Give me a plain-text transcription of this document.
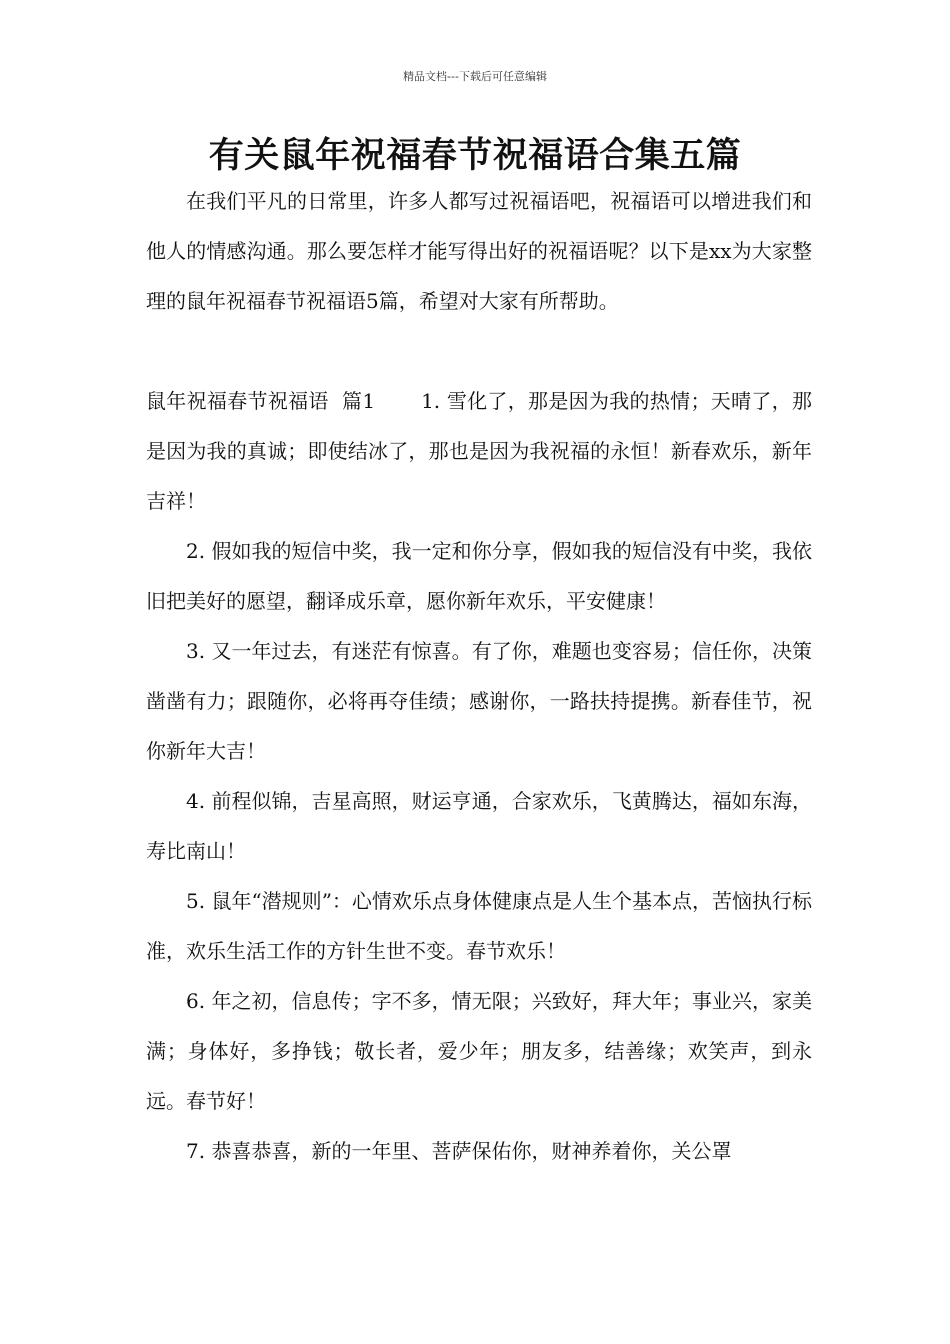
精品文档---下载后可任意编辑
有关鼠年祝福春节祝福语合集五篇

在我们平凡的日常里，许多人都写过祝福语吧，祝福语可以增进我们和他人的情感沟通。那么要怎样才能写得出好的祝福语呢？以下是xx为大家整理的鼠年祝福春节祝福语5篇，希望对大家有所帮助。

鼠年祝福春节祝福语  篇1 1. 雪化了，那是因为我的热情；天晴了，那是因为我的真诚；即使结冰了，那也是因为我祝福的永恒！新春欢乐，新年吉祥！

2. 假如我的短信中奖，我一定和你分享，假如我的短信没有中奖，我依旧把美好的愿望，翻译成乐章，愿你新年欢乐，平安健康！

3. 又一年过去，有迷茫有惊喜。有了你，难题也变容易；信任你，决策凿凿有力；跟随你，必将再夺佳绩；感谢你，一路扶持提携。新春佳节，祝你新年大吉！

4. 前程似锦，吉星高照，财运亨通，合家欢乐，飞黄腾达，福如东海，寿比南山！

5. 鼠年“潜规则”：心情欢乐点身体健康点是人生个基本点，苦恼执行标准，欢乐生活工作的方针生世不变。春节欢乐！

6. 年之初，信息传；字不多，情无限；兴致好，拜大年；事业兴，家美满；身体好，多挣钱；敬长者，爱少年；朋友多，结善缘；欢笑声，到永远。春节好！

7. 恭喜恭喜，新的一年里、菩萨保佑你，财神养着你，关公罩
